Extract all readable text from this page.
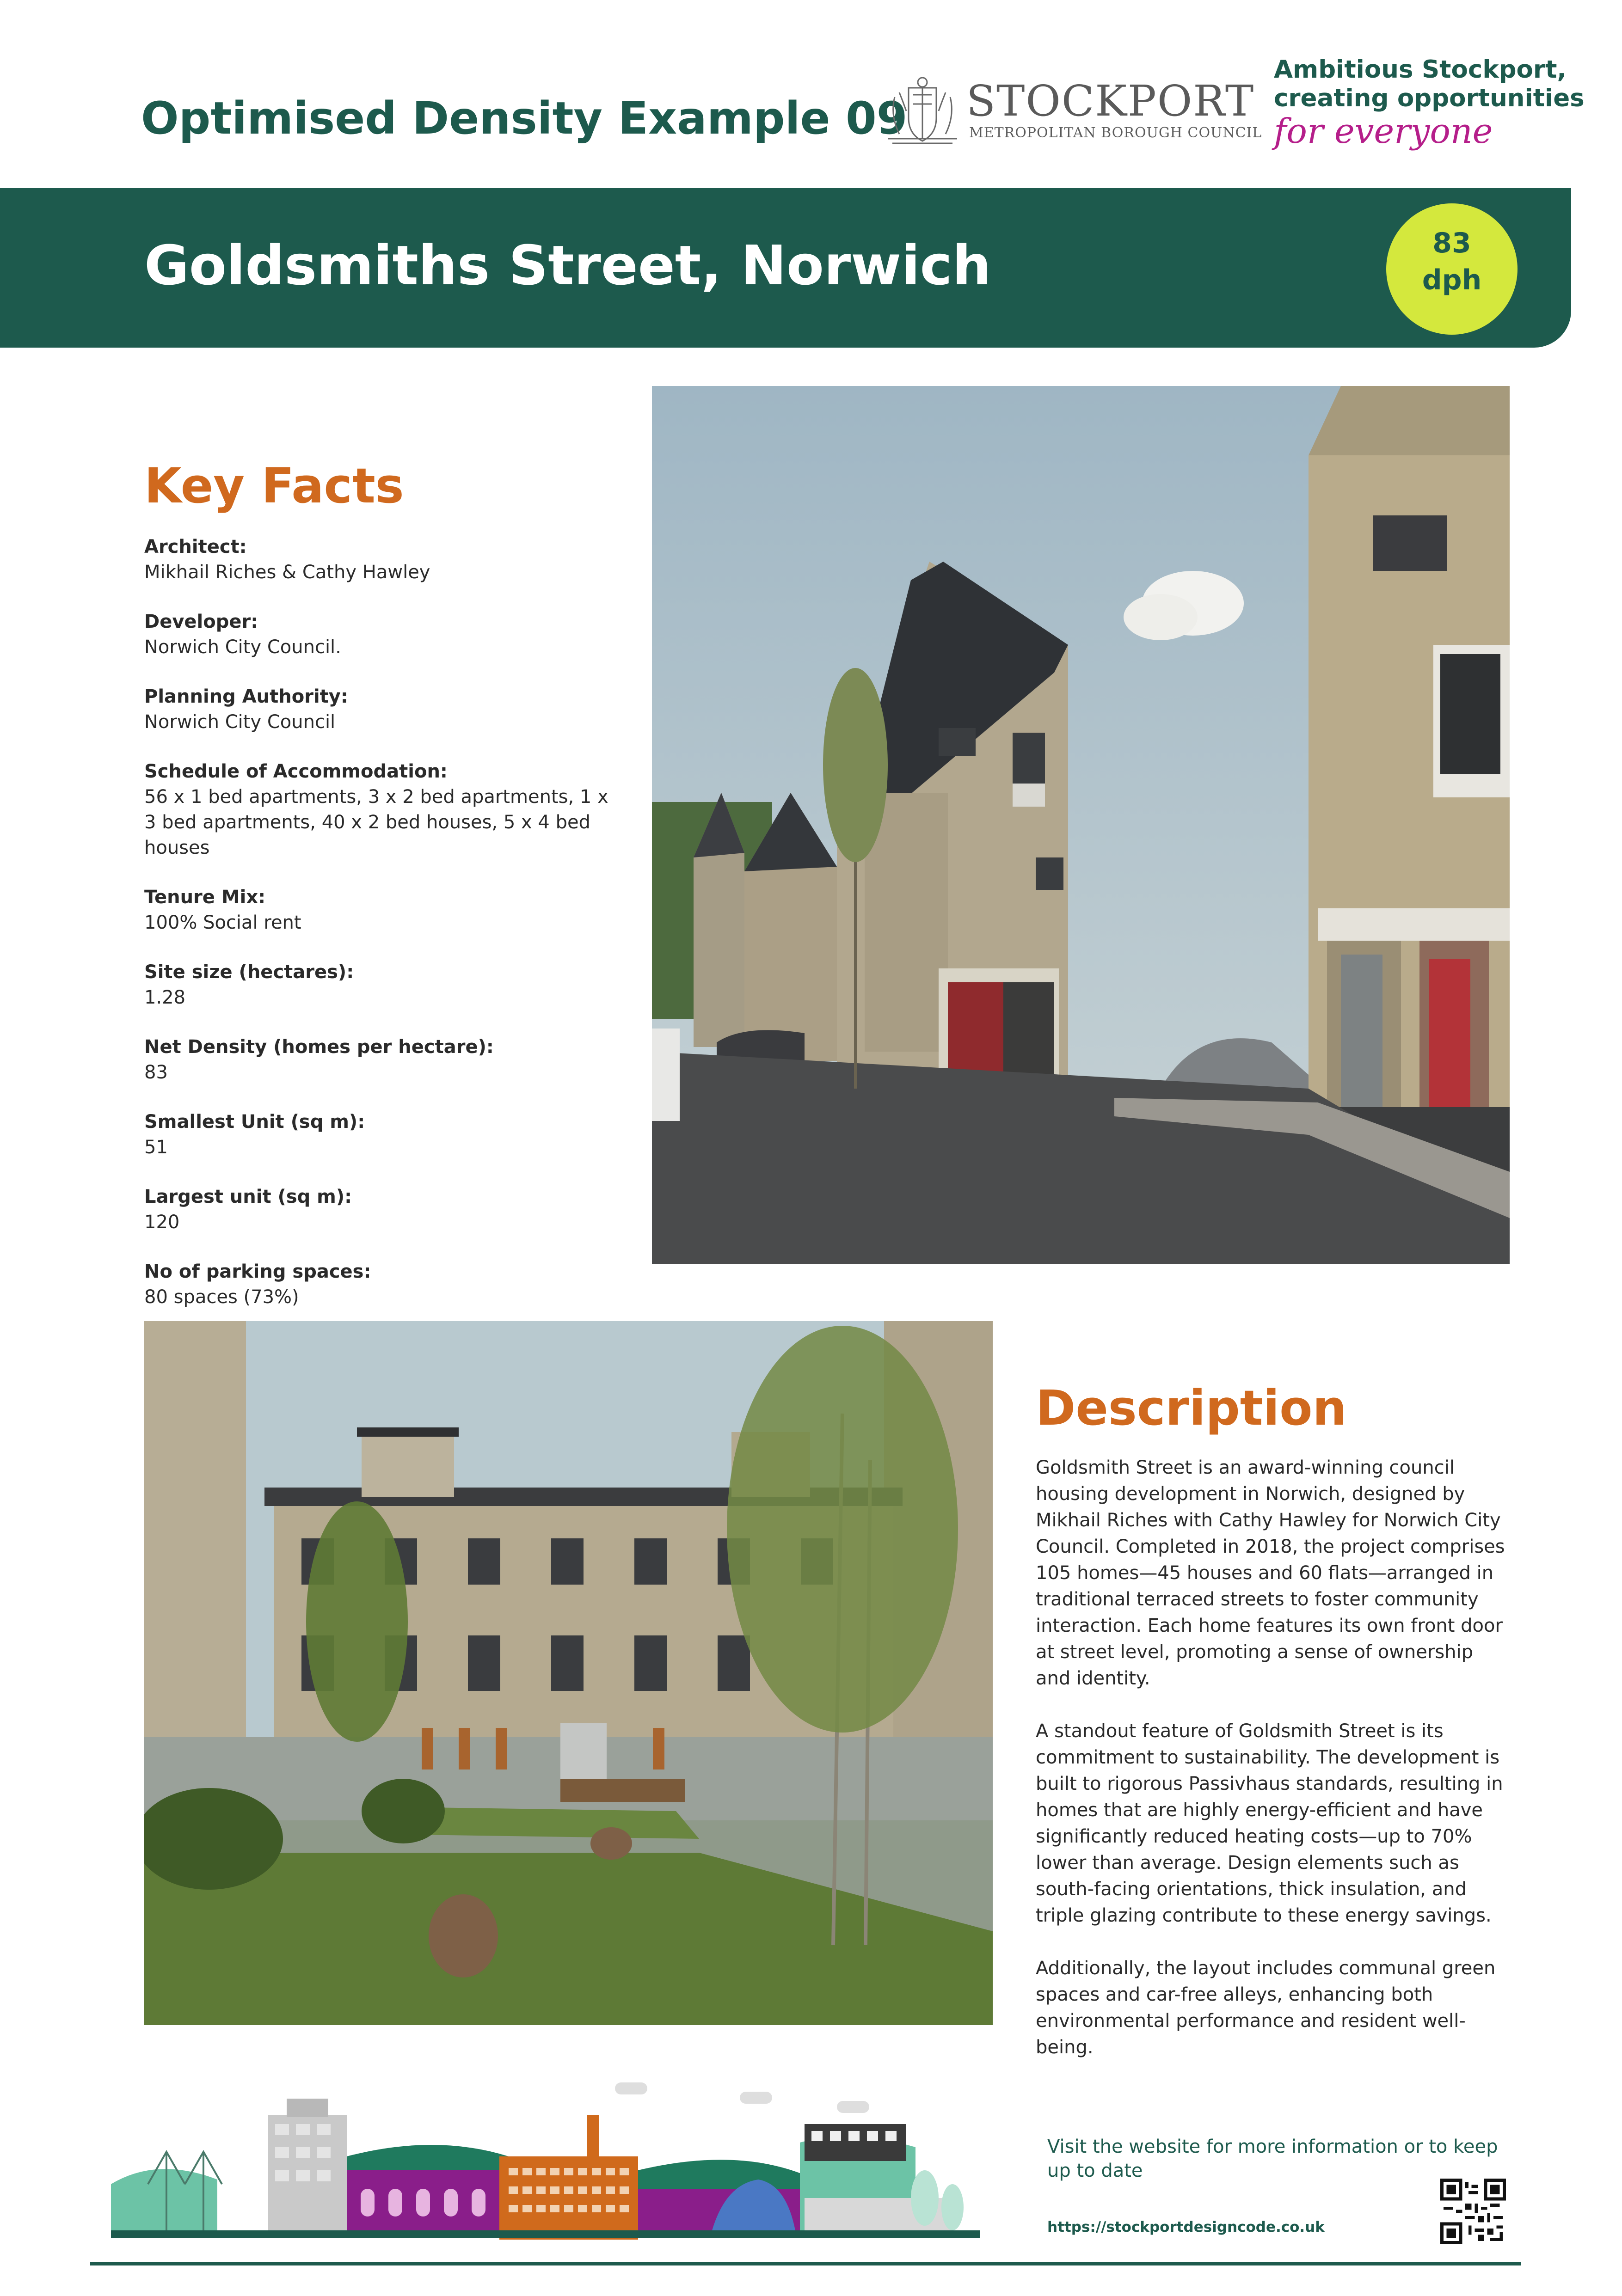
Optimised Density Example 09 STOCKPORT
METROPOLITAN BOROUGH COUNCIL
Ambitious Stockport,
creating opportunities
for everyone
Goldsmiths Street, Norwich	83
dph
Key Facts
Architect:
Mikhail Riches & Cathy Hawley
Developer:
Norwich City Council.
Planning Authority:
Norwich City Council
Schedule of Accommodation:
56 x 1 bed apartments, 3 x 2 bed apartments, 1 x 3 bed apartments, 40 x 2 bed houses, 5 x 4 bed houses
Tenure Mix:
100% Social rent
Site size (hectares):
1.28
Net Density (homes per hectare):
83
Smallest Unit (sq m):
51
Largest unit (sq m):
120
No of parking spaces:
80 spaces (73%)
Description

Goldsmith Street is an award-winning council housing development in Norwich, designed by Mikhail Riches with Cathy Hawley for Norwich City Council. Completed in 2018, the project comprises 105 homes—45 houses and 60 flats—arranged in traditional terraced streets to foster community interaction. Each home features its own front door at street level, promoting a sense of ownership and identity.

A standout feature of Goldsmith Street is its commitment to sustainability. The development is built to rigorous Passivhaus standards, resulting in homes that are highly energy-efficient and have significantly reduced heating costs—up to 70% lower than average. Design elements such as south-facing orientations, thick insulation, and triple glazing contribute to these energy savings.

Additionally, the layout includes communal green spaces and car-free alleys, enhancing both environmental performance and resident well-being.

Visit the website for more information or to keep up to date
https://stockportdesigncode.co.uk
